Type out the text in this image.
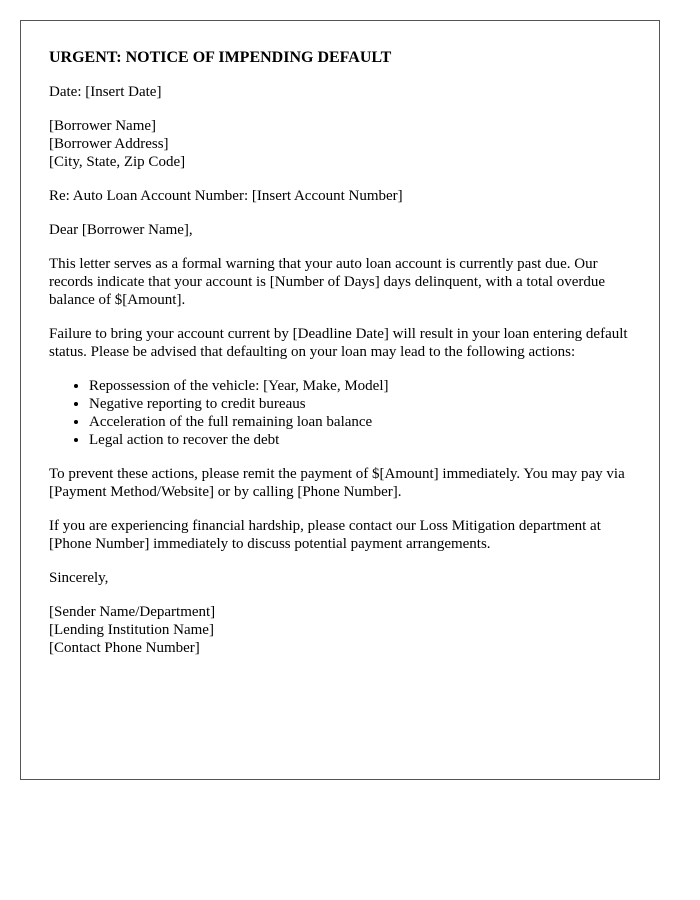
URGENT: NOTICE OF IMPENDING DEFAULT

Date: [Insert Date]

[Borrower Name]
[Borrower Address]
[City, State, Zip Code]

Re: Auto Loan Account Number: [Insert Account Number]

Dear [Borrower Name],

This letter serves as a formal warning that your auto loan account is currently past due. Our records indicate that your account is [Number of Days] days delinquent, with a total overdue balance of $[Amount].

Failure to bring your account current by [Deadline Date] will result in your loan entering default status. Please be advised that defaulting on your loan may lead to the following actions:

• Repossession of the vehicle: [Year, Make, Model]
• Negative reporting to credit bureaus
• Acceleration of the full remaining loan balance
• Legal action to recover the debt

To prevent these actions, please remit the payment of $[Amount] immediately. You may pay via [Payment Method/Website] or by calling [Phone Number].

If you are experiencing financial hardship, please contact our Loss Mitigation department at [Phone Number] immediately to discuss potential payment arrangements.

Sincerely,

[Sender Name/Department]
[Lending Institution Name]
[Contact Phone Number]
